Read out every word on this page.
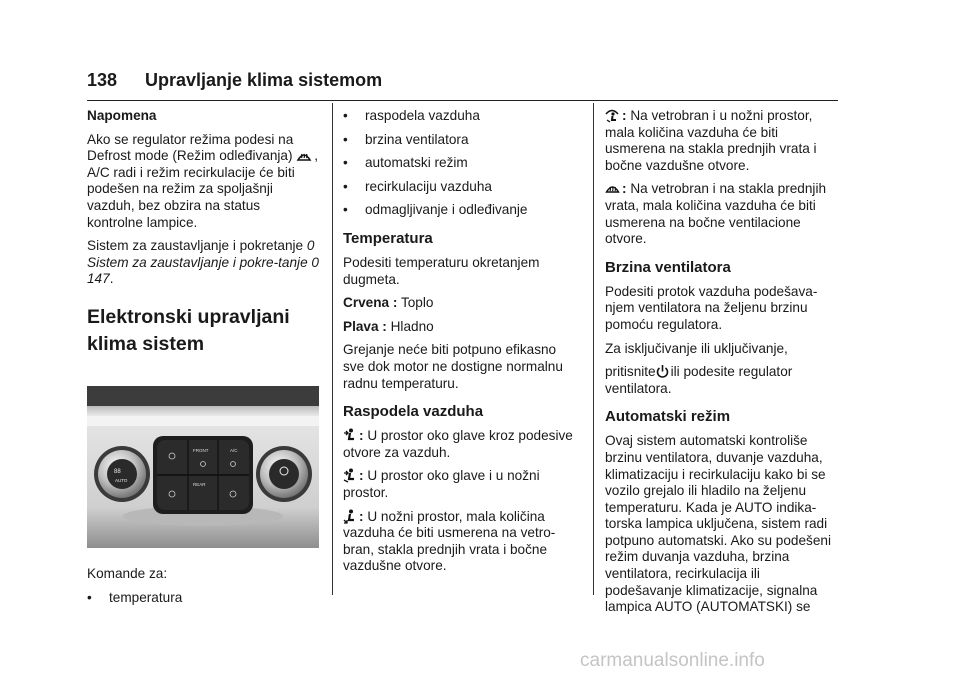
138 Upravljanje klima sistemom

Napomena

Ako se regulator režima podesi na Defrost mode (Režim odleđivanja) , A/C radi i režim recirkulacije će biti podešen na režim za spoljašnji vazduh, bez obzira na status kontrolne lampice.

Sistem za zaustavljanje i pokretanje 0 Sistem za zaustavljanje i pokre-tanje 0 147.

Elektronski upravljani klima sistem
FRONT	A/C
REAR
88
AUTO

Komande za:

• temperatura
• raspodela vazduha
• brzina ventilatora
• automatski režim
• recirkulaciju vazduha
• odmagljivanje i odleđivanje
Temperatura

Podesiti temperaturu okretanjem dugmeta.

Crvena : Toplo

Plava : Hladno

Grejanje neće biti potpuno efikasno sve dok motor ne dostigne normalnu radnu temperaturu.

Raspodela vazduha

: U prostor oko glave kroz podesive otvore za vazduh.

: U prostor oko glave i u nožni prostor.

: U nožni prostor, mala količina vazduha će biti usmerena na vetro-bran, stakla prednjih vrata i bočne vazdušne otvore.

: Na vetrobran i u nožni prostor, mala količina vazduha će biti usmerena na stakla prednjih vrata i bočne vazdušne otvore.

: Na vetrobran i na stakla prednjih vrata, mala količina vazduha će biti usmerena na bočne ventilacione otvore.

Brzina ventilatora

Podesiti protok vazduha podešava-njem ventilatora na željenu brzinu pomoću regulatora.

Za isključivanje ili uključivanje,

pritisnite ili podesite regulator ventilatora.

Automatski režim

Ovaj sistem automatski kontroliše brzinu ventilatora, duvanje vazduha, klimatizaciju i recirkulaciju kako bi se vozilo grejalo ili hladilo na željenu temperaturu. Kada je AUTO indika-torska lampica uključena, sistem radi potpuno automatski. Ako su podešeni režim duvanja vazduha, brzina ventilatora, recirkulacija ili podešavanje klimatizacije, signalna lampica AUTO (AUTOMATSKI) se

carmanualsonline.info
